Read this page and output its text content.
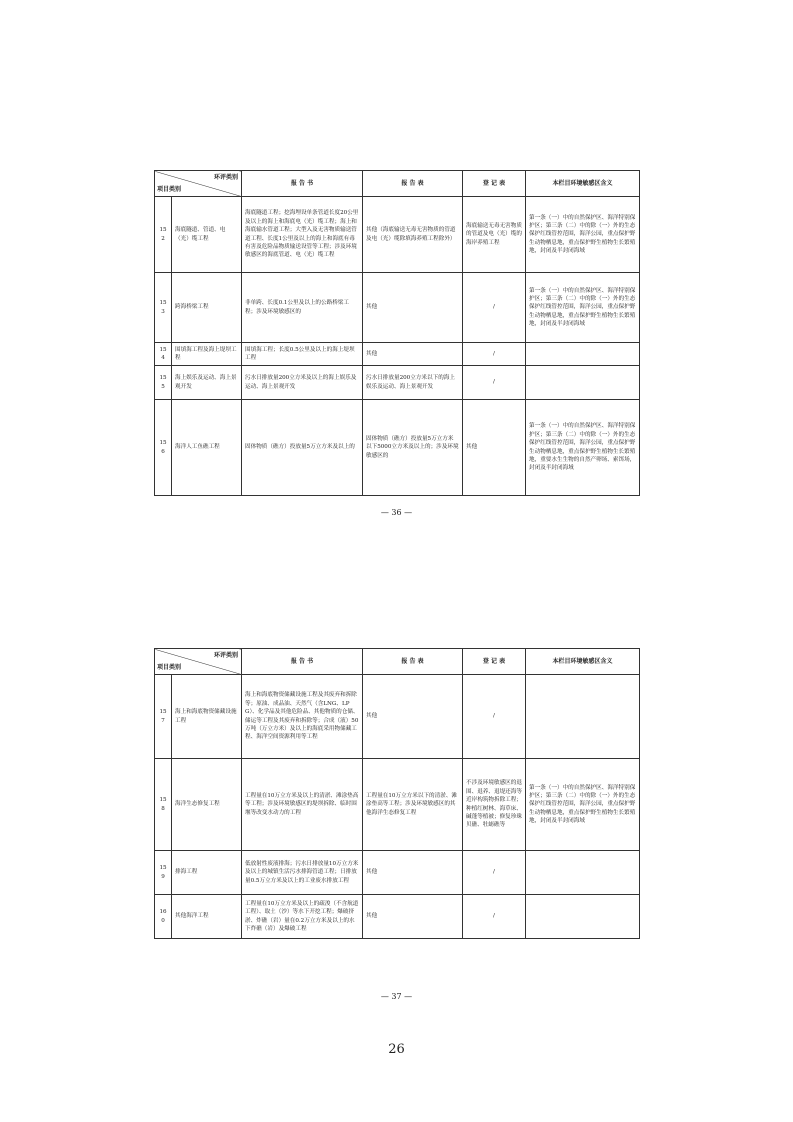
环评类别
项目类别		报 告 书	报 告 表	登 记 表	本栏目环境敏感区含义
152	海底隧道、管道、电（光）缆工程	海底隧道工程；挖海埋设单条管道长度20公里及以上的海上和海底电（光）缆工程；海上和海底输水管道工程；大型入及无害物质输送管道工程、长度1公里及以上的海上和海底有毒有害及危险品物质输送设管等工程；涉及环境敏感区的海底管道、电（光）缆工程	其他（海底输送无毒无害物质的管道及电（光）缆除填海养殖工程除外）	海底输送无毒无害物质的管道及电（光）缆的海岸养殖工程	第一条（一）中的自然保护区、海洋特别保护区；第三条（二）中的除（一）外的生态保护红线管控范围，海洋公园，重点保护野生动物栖息地，重点保护野生植物生长繁殖地，封闭及半封闭海域
153	跨海桥梁工程	非单跨、长度0.1公里及以上的公路桥梁工程；涉及环境敏感区的	其他	/	第一条（一）中的自然保护区、海洋特别保护区；第三条（二）中的除（一）外的生态保护红线管控范围，海洋公园，重点保护野生动物栖息地，重点保护野生植物生长繁殖地，封闭及半封闭海域
154	围填海工程及海上堤坝工程	围填海工程；长度0.5公里及以上的海上堤坝工程	其他	/	
155	海上娱乐及运动、海上景观开发	污水日排放量200立方米及以上的海上娱乐及运动、海上景观开发	污水日排放量200立方米以下的海上娱乐及运动、海上景观开发	/	
156	海洋人工鱼礁工程	固体物质（礁方）投放量5万立方米及以上的	固体物质（礁方）投放量5万立方米以下5000立方米及以上的；涉及环境敏感区的	其他	第一条（一）中的自然保护区、海洋特别保护区；第三条（二）中的除（一）外的生态保护红线管控范围，海洋公园，重点保护野生动物栖息地，重点保护野生植物生长繁殖地，重要水生生物的自然产卵场、索饵场，封闭及半封闭海域
— 36 —
环评类别
项目类别		报 告 书	报 告 表	登 记 表	本栏目环境敏感区含义
157	海上和海底物资储藏设施工程	海上和海底物资储藏设施工程及其废弃和拆除等；原油、成品油、天然气（含LNG、LPG）、化学品及其他危险品、其他物质的仓储、储运等工程及其废弃和拆除等；合成（液）50万吨（万立方米）及以上的海底采用物储藏工程、海洋空间资源利用等工程	其他	/	
158	海洋生态修复工程	工程量在10万立方米及以上的清淤、滩涂垫高等工程；涉及环境敏感区的堤坝拆除、临时围堰等改变水动力的工程	工程量在10万立方米以下的清淤、滩涂垫高等工程；涉及环境敏感区的其他海洋生态修复工程	不涉及环境敏感区的退围、退养、退堤还海等近岸构筑物拆除工程；种植红树林、海草床、碱蓬等植被；修复珍珠贝礁、牡蛎礁等	第一条（一）中的自然保护区、海洋特别保护区；第三条（二）中的除（一）外的生态保护红线管控范围，海洋公园，重点保护野生动物栖息地，重点保护野生植物生长繁殖地，封闭及半封闭海域
159	排海工程	低放射性废液排海；污水日排放量10万立方米及以上的城镇生活污水排海管道工程；日排放量0.5万立方米及以上的工业废水排放工程	其他	/	
160	其他海洋工程	工程量在10万立方米及以上的疏浚（不含航道工程）、取土（沙）等水下开挖工程；爆破挤淤、炸礁（岩）量在0.2万立方米及以上的水下炸礁（岩）及爆破工程	其他	/	
— 37 —
26
